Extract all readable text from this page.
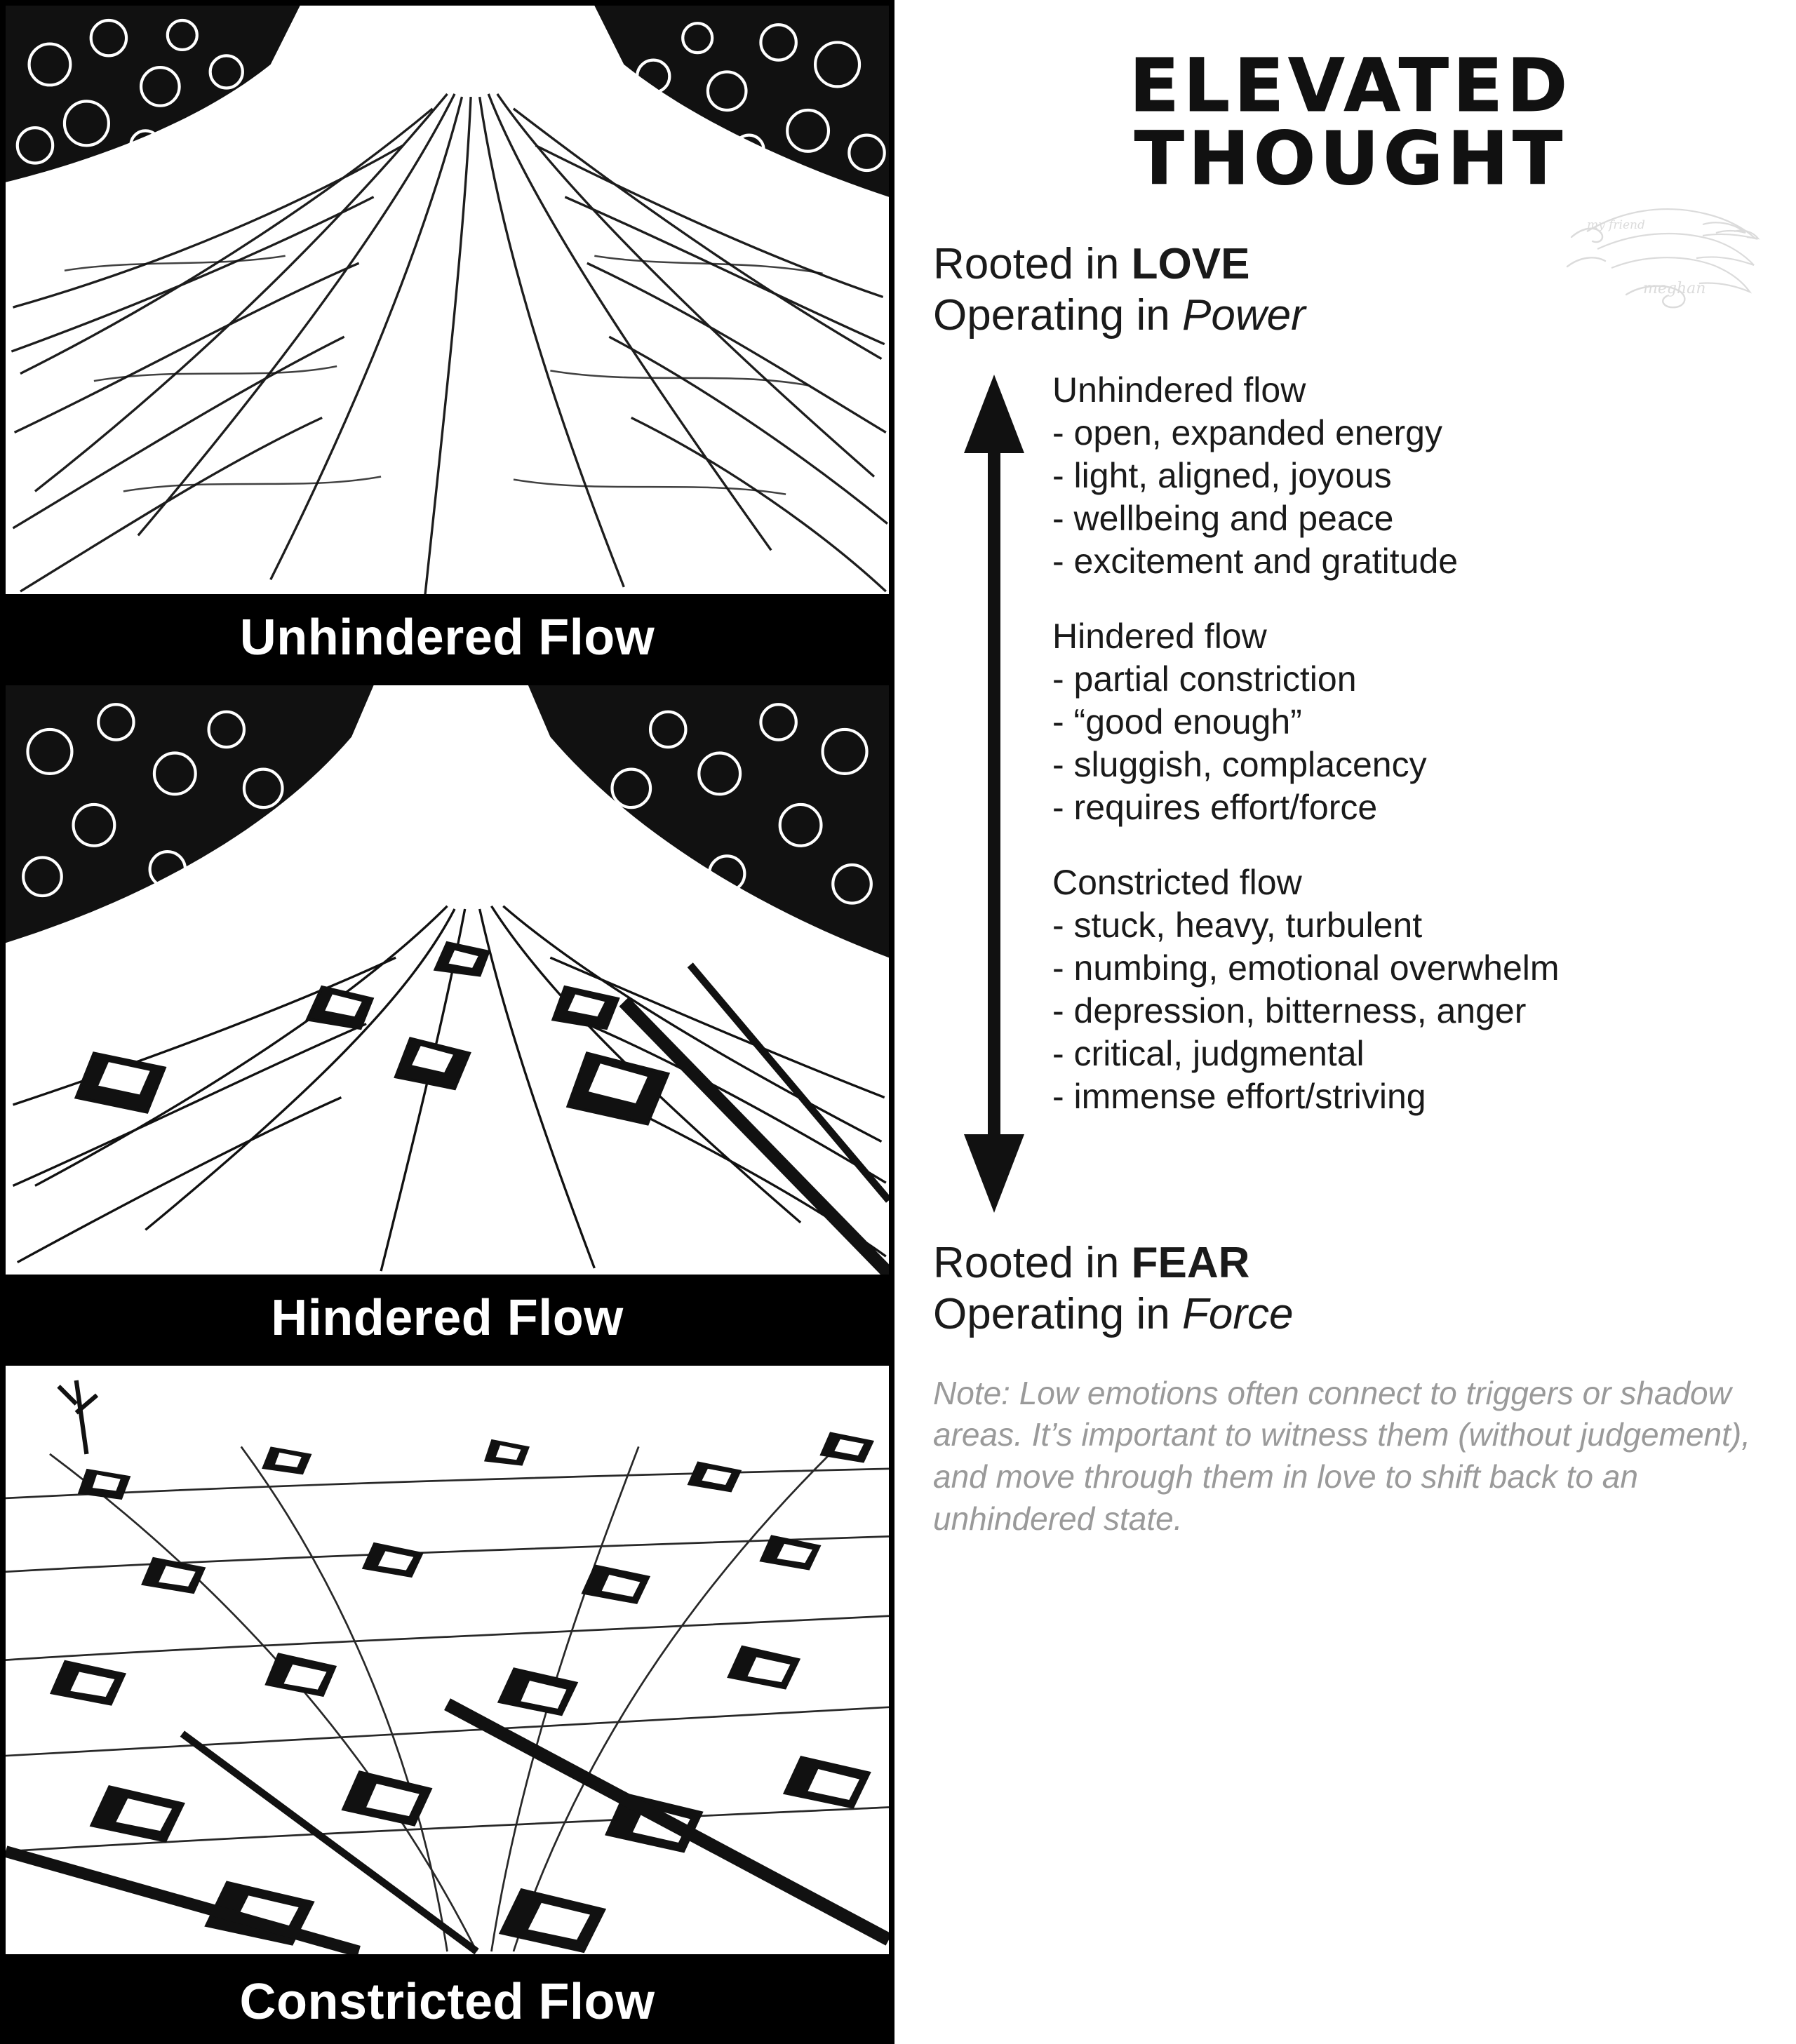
Unhindered Flow
Hindered Flow
Constricted Flow
ELEVATED THOUGHT
my friend
meghan
Rooted in LOVE
Operating in Power
Unhindered flow
- open, expanded energy
- light, aligned, joyous
- wellbeing and peace
- excitement and gratitude
Hindered flow
- partial constriction
- “good enough”
- sluggish, complacency
- requires effort/force
Constricted flow
- stuck, heavy, turbulent
- numbing, emotional overwhelm
- depression, bitterness, anger
- critical, judgmental
- immense effort/striving
Rooted in FEAR
Operating in Force
Note: Low emotions often connect to triggers or shadow areas. It’s important to witness them (without judgement), and move through them in love to shift back to an unhindered state.
